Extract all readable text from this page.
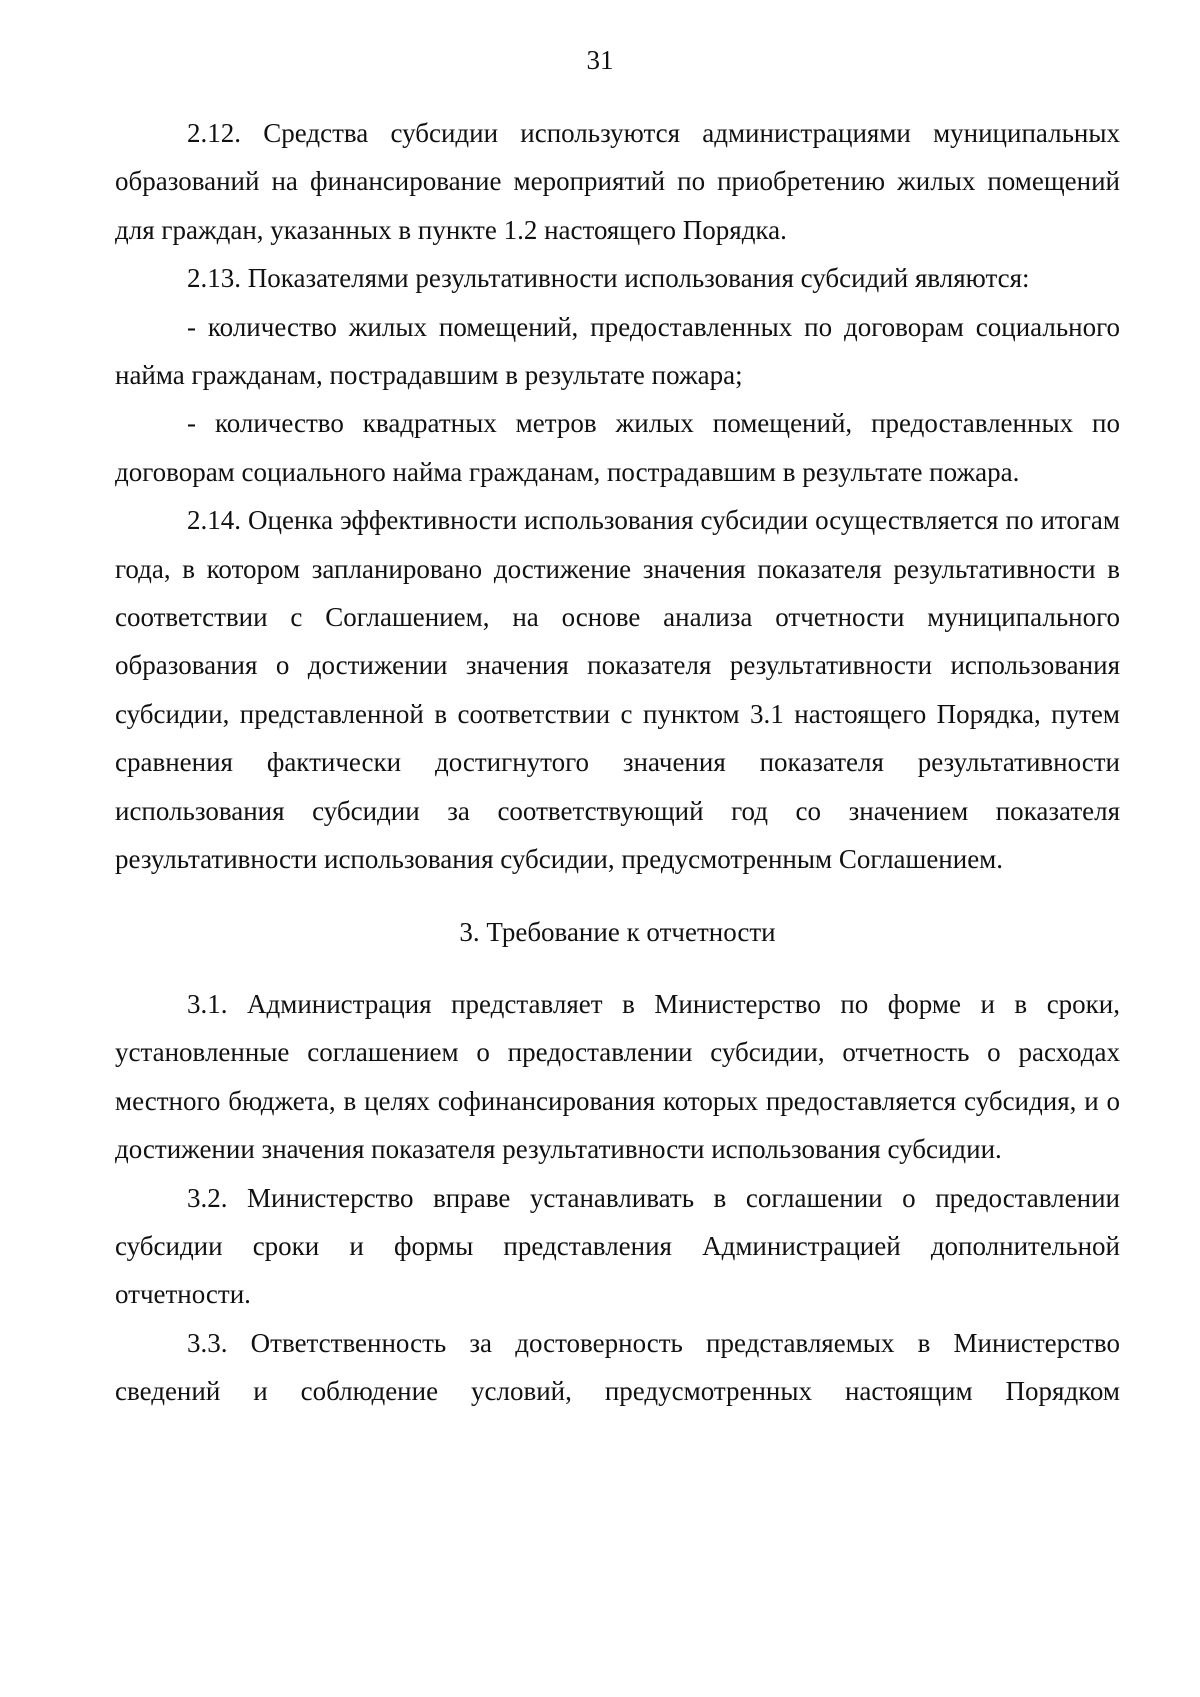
31

2.12. Средства субсидии используются администрациями муниципальных образований на финансирование мероприятий по приобретению жилых помещений для граждан, указанных в пункте 1.2 настоящего Порядка.

2.13. Показателями результативности использования субсидий являются:

- количество жилых помещений, предоставленных по договорам социального найма гражданам, пострадавшим в результате пожара;

- количество квадратных метров жилых помещений, предоставленных по договорам социального найма гражданам, пострадавшим в результате пожара.

2.14. Оценка эффективности использования субсидии осуществляется по итогам года, в котором запланировано достижение значения показателя результативности в соответствии с Соглашением, на основе анализа отчетности муниципального образования о достижении значения показателя результативности использования субсидии, представленной в соответствии с пунктом 3.1 настоящего Порядка, путем сравнения фактически достигнутого значения показателя результативности использования субсидии за соответствующий год со значением показателя результативности использования субсидии, предусмотренным Соглашением.

3. Требование к отчетности

3.1. Администрация представляет в Министерство по форме и в сроки, установленные соглашением о предоставлении субсидии, отчетность о расходах местного бюджета, в целях софинансирования которых предоставляется субсидия, и о достижении значения показателя результативности использования субсидии.

3.2. Министерство вправе устанавливать в соглашении о предоставлении субсидии сроки и формы представления Администрацией дополнительной отчетности.

3.3. Ответственность за достоверность представляемых в Министерство сведений и соблюдение условий, предусмотренных настоящим Порядком
